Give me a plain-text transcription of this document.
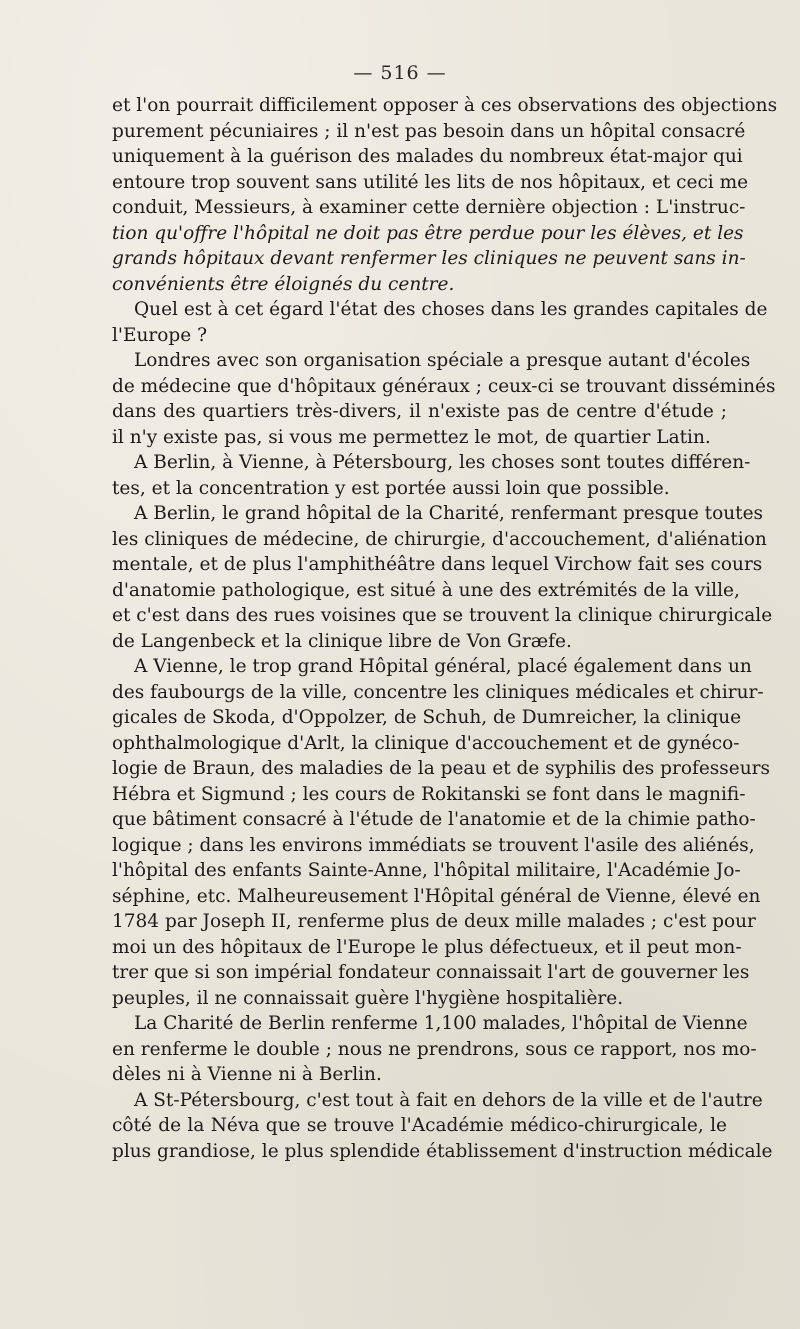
— 516 —
et l'on pourrait difficilement opposer à ces observations des objections
purement pécuniaires ; il n'est pas besoin dans un hôpital consacré
uniquement à la guérison des malades du nombreux état-major qui
entoure trop souvent sans utilité les lits de nos hôpitaux, et ceci me
conduit, Messieurs, à examiner cette dernière objection : L'instruc-
tion qu'offre l'hôpital ne doit pas être perdue pour les élèves, et les
grands hôpitaux devant renfermer les cliniques ne peuvent sans in-
convénients être éloignés du centre.
Quel est à cet égard l'état des choses dans les grandes capitales de
l'Europe ?
Londres avec son organisation spéciale a presque autant d'écoles
de médecine que d'hôpitaux généraux ; ceux-ci se trouvant disséminés
dans des quartiers très-divers, il n'existe pas de centre d'étude ;
il n'y existe pas, si vous me permettez le mot, de quartier Latin.
A Berlin, à Vienne, à Pétersbourg, les choses sont toutes différen-
tes, et la concentration y est portée aussi loin que possible.
A Berlin, le grand hôpital de la Charité, renfermant presque toutes
les cliniques de médecine, de chirurgie, d'accouchement, d'aliénation
mentale, et de plus l'amphithéâtre dans lequel Virchow fait ses cours
d'anatomie pathologique, est situé à une des extrémités de la ville,
et c'est dans des rues voisines que se trouvent la clinique chirurgicale
de Langenbeck et la clinique libre de Von Græfe.
A Vienne, le trop grand Hôpital général, placé également dans un
des faubourgs de la ville, concentre les cliniques médicales et chirur-
gicales de Skoda, d'Oppolzer, de Schuh, de Dumreicher, la clinique
ophthalmologique d'Arlt, la clinique d'accouchement et de gynéco-
logie de Braun, des maladies de la peau et de syphilis des professeurs
Hébra et Sigmund ; les cours de Rokitanski se font dans le magnifi-
que bâtiment consacré à l'étude de l'anatomie et de la chimie patho-
logique ; dans les environs immédiats se trouvent l'asile des aliénés,
l'hôpital des enfants Sainte-Anne, l'hôpital militaire, l'Académie Jo-
séphine, etc. Malheureusement l'Hôpital général de Vienne, élevé en
1784 par Joseph II, renferme plus de deux mille malades ; c'est pour
moi un des hôpitaux de l'Europe le plus défectueux, et il peut mon-
trer que si son impérial fondateur connaissait l'art de gouverner les
peuples, il ne connaissait guère l'hygiène hospitalière.
La Charité de Berlin renferme 1,100 malades, l'hôpital de Vienne
en renferme le double ; nous ne prendrons, sous ce rapport, nos mo-
dèles ni à Vienne ni à Berlin.
A St-Pétersbourg, c'est tout à fait en dehors de la ville et de l'autre
côté de la Néva que se trouve l'Académie médico-chirurgicale, le
plus grandiose, le plus splendide établissement d'instruction médicale
